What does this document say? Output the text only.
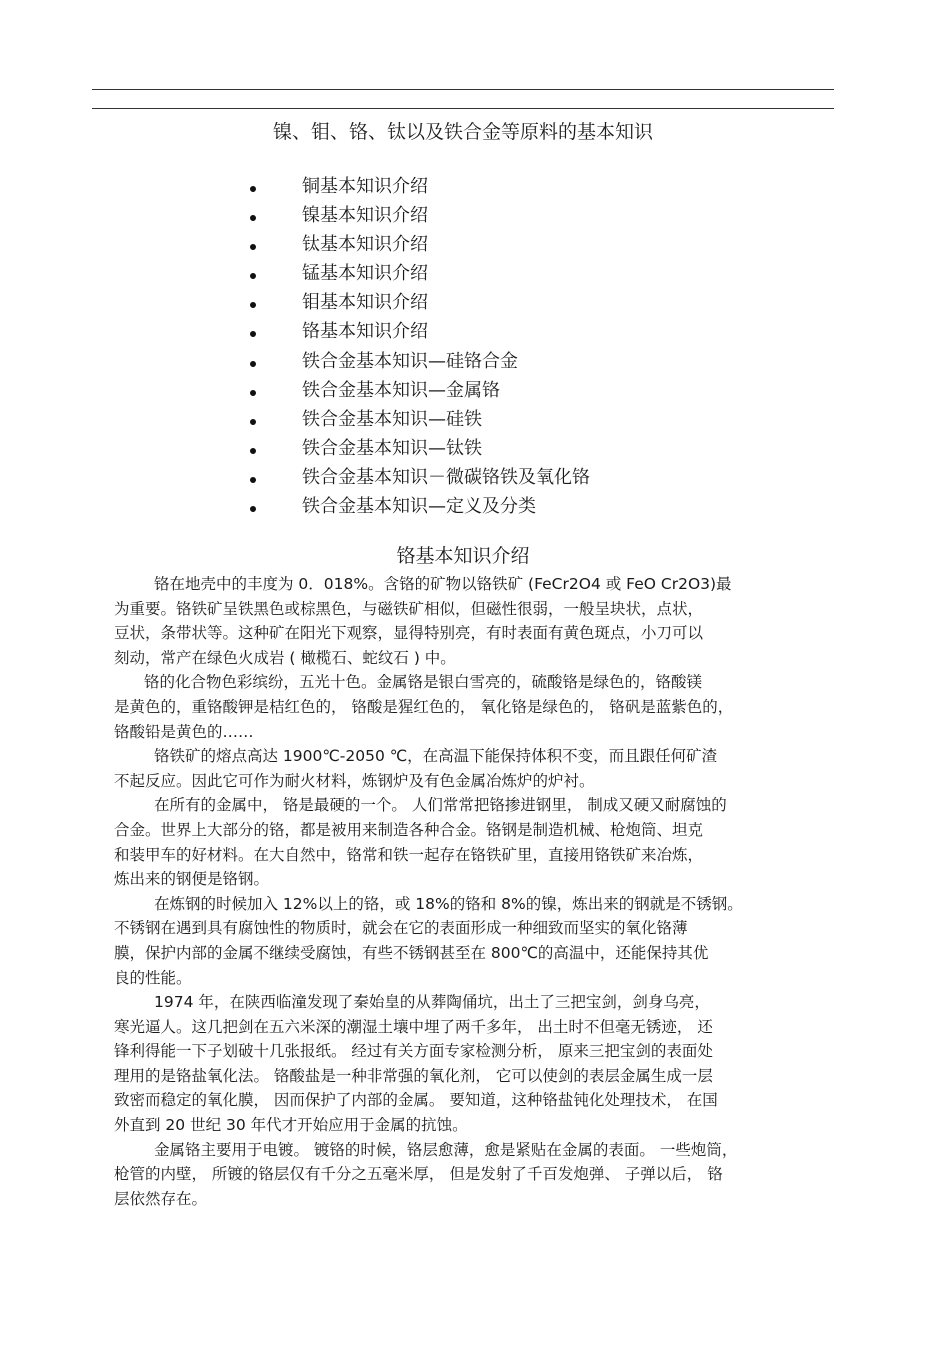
镍、钼、铬、钛以及铁合金等原料的基本知识
铜基本知识介绍
镍基本知识介绍
钛基本知识介绍
锰基本知识介绍
钼基本知识介绍
铬基本知识介绍
铁合金基本知识—硅铬合金
铁合金基本知识—金属铬
铁合金基本知识—硅铁
铁合金基本知识—钛铁
铁合金基本知识－微碳铬铁及氧化铬
铁合金基本知识—定义及分类
铬基本知识介绍
铬在地壳中的丰度为 0．018%。含铬的矿物以铬铁矿 (FeCr2O4 或 FeO Cr2O3)最
为重要。铬铁矿呈铁黑色或棕黑色，与磁铁矿相似，但磁性很弱，一般呈块状，点状，
豆状，条带状等。这种矿在阳光下观察，显得特别亮，有时表面有黄色斑点，小刀可以
刻动，常产在绿色火成岩 ( 橄榄石、蛇纹石 ) 中。
铬的化合物色彩缤纷，五光十色。金属铬是银白雪亮的，硫酸铬是绿色的，铬酸镁
是黄色的，重铬酸钾是桔红色的， 铬酸是猩红色的， 氧化铬是绿色的， 铬矾是蓝紫色的，
铬酸铅是黄色的……
铬铁矿的熔点高达 1900℃-2050 ℃，在高温下能保持体积不变，而且跟任何矿渣
不起反应。因此它可作为耐火材料，炼钢炉及有色金属冶炼炉的炉衬。
在所有的金属中， 铬是最硬的一个。 人们常常把铬掺进钢里， 制成又硬又耐腐蚀的
合金。世界上大部分的铬，都是被用来制造各种合金。铬钢是制造机械、枪炮筒、坦克
和装甲车的好材料。在大自然中，铬常和铁一起存在铬铁矿里，直接用铬铁矿来冶炼，
炼出来的钢便是铬钢。
在炼钢的时候加入 12%以上的铬，或 18%的铬和 8%的镍，炼出来的钢就是不锈钢。
不锈钢在遇到具有腐蚀性的物质时，就会在它的表面形成一种细致而坚实的氧化铬薄
膜，保护内部的金属不继续受腐蚀，有些不锈钢甚至在 800℃的高温中，还能保持其优
良的性能。
1974 年，在陕西临潼发现了秦始皇的从葬陶俑坑，出土了三把宝剑，剑身乌亮，
寒光逼人。这几把剑在五六米深的潮湿土壤中埋了两千多年， 出土时不但毫无锈迹， 还
锋利得能一下子划破十几张报纸。 经过有关方面专家检测分析， 原来三把宝剑的表面处
理用的是铬盐氧化法。 铬酸盐是一种非常强的氧化剂， 它可以使剑的表层金属生成一层
致密而稳定的氧化膜， 因而保护了内部的金属。 要知道，这种铬盐钝化处理技术， 在国
外直到 20 世纪 30 年代才开始应用于金属的抗蚀。
金属铬主要用于电镀。 镀铬的时候，铬层愈薄，愈是紧贴在金属的表面。 一些炮筒，
枪管的内壁， 所镀的铬层仅有千分之五毫米厚， 但是发射了千百发炮弹、 子弹以后， 铬
层依然存在。
